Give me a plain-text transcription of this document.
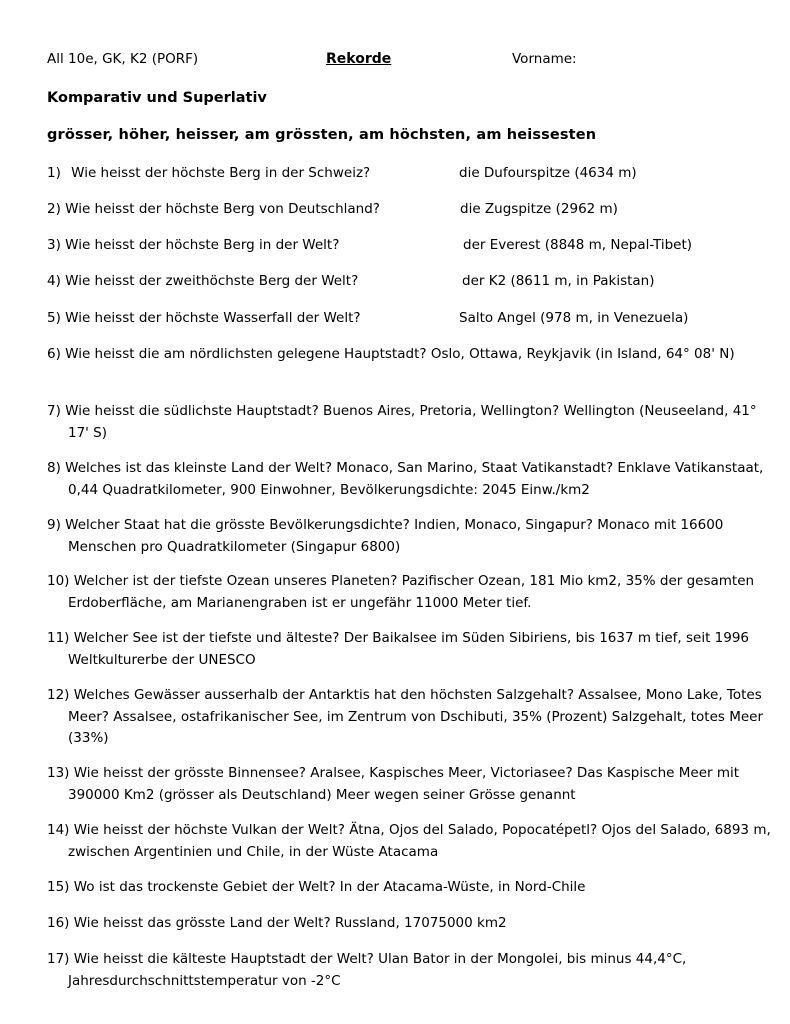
All 10e, GK, K2 (PORF)	Rekorde	Vorname:
Komparativ und Superlativ
grösser, höher, heisser, am grössten, am höchsten, am heissesten
1) Wie heisst der höchste Berg in der Schweiz?	die Dufourspitze (4634 m)
2) Wie heisst der höchste Berg von Deutschland?	die Zugspitze (2962 m)
3) Wie heisst der höchste Berg in der Welt?	der Everest (8848 m, Nepal-Tibet)
4) Wie heisst der zweithöchste Berg der Welt?	der K2 (8611 m, in Pakistan)
5) Wie heisst der höchste Wasserfall der Welt?	Salto Angel (978 m, in Venezuela)
6) Wie heisst die am nördlichsten gelegene Hauptstadt? Oslo, Ottawa, Reykjavik (in Island, 64° 08' N)
7) Wie heisst die südlichste Hauptstadt? Buenos Aires, Pretoria, Wellington? Wellington (Neuseeland, 41° 17' S)
8) Welches ist das kleinste Land der Welt? Monaco, San Marino, Staat Vatikanstadt? Enklave Vatikanstaat, 0,44 Quadratkilometer, 900 Einwohner, Bevölkerungsdichte: 2045 Einw./km2
9) Welcher Staat hat die grösste Bevölkerungsdichte? Indien, Monaco, Singapur? Monaco mit 16600 Menschen pro Quadratkilometer (Singapur 6800)
10) Welcher ist der tiefste Ozean unseres Planeten? Pazifischer Ozean, 181 Mio km2, 35% der gesamten Erdoberfläche, am Marianengraben ist er ungefähr 11000 Meter tief.
11) Welcher See ist der tiefste und älteste? Der Baikalsee im Süden Sibiriens, bis 1637 m tief, seit 1996 Weltkulturerbe der UNESCO
12) Welches Gewässer ausserhalb der Antarktis hat den höchsten Salzgehalt? Assalsee, Mono Lake, Totes Meer? Assalsee, ostafrikanischer See, im Zentrum von Dschibuti, 35% (Prozent) Salzgehalt, totes Meer (33%)
13) Wie heisst der grösste Binnensee? Aralsee, Kaspisches Meer, Victoriasee? Das Kaspische Meer mit 390000 Km2 (grösser als Deutschland) Meer wegen seiner Grösse genannt
14) Wie heisst der höchste Vulkan der Welt? Ätna, Ojos del Salado, Popocatépetl? Ojos del Salado, 6893 m, zwischen Argentinien und Chile, in der Wüste Atacama
15) Wo ist das trockenste Gebiet der Welt? In der Atacama-Wüste, in Nord-Chile
16) Wie heisst das grösste Land der Welt? Russland, 17075000 km2
17) Wie heisst die kälteste Hauptstadt der Welt? Ulan Bator in der Mongolei, bis minus 44,4°C, Jahresdurchschnittstemperatur von -2°C
